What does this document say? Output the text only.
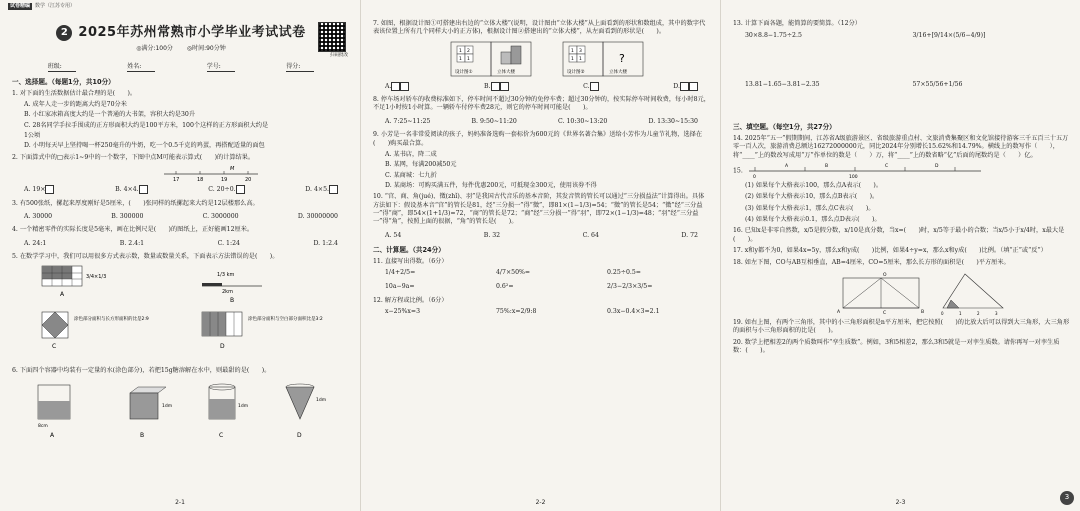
试卷精编 数学（江苏专用）
2 2025年苏州常熟市小学毕业考试试卷
扫码批改
◎满分:100分　　 ◎时间:90分钟
班级:	姓名:	学号:	得分:
一、选择题。（每题1分，共10分）
1. 对下面的生活数据估计最合理的是(　　)。
A. 成年人走一步的距离大约是70分米
B. 小红家冰箱高度大约是一个普通的大书架，容积大约是30升
C. 28名同学手拉手围成的正方形面积大约是100平方米，100个这样的正方形面积大约是
1公顷
D. 小明每天早上坚持喝一杯250毫升的牛奶，吃一个0.5千克的鸡蛋，再搭配适量的面包
2. 下面算式中的□表示1~9中的一个数字，下图中点M可能表示算式(　　)的计算结果。
17	18	19	20
M
A. 19×	B. 4×4.	C. 20÷0.	D. 4×5.
3. 有500张纸，摞起来厚度刚好是5厘米，(　　)张同样的纸摞起来大约是12层楼那么高。
A. 30000	B. 300000	C. 3000000	D. 30000000
4. 一个精密零件的实际长度是5毫米，画在比例尺是(　　)的图纸上，正好能画12厘米。
A. 24:1	B. 2.4:1	C. 1:24	D. 1:2.4
5. 在数学学习中，我们可以用很多方式表示数，数量或数量关系，下面表示方法错误的是(　　)。
3/4×1/3
A
1/3 km
2km
B
涂色部分面积与长方形面积的比是2:9
C
涂色部分面积与空白部分面积比是3:2
D
6. 下面四个容器中均装有一定量的水(涂色部分)，若把15g糖溶解在水中，则最甜的是(　　)。
8cm
A
1dm
B
1dm
C
1dm
D
2-1
7. 如图，根据设计图①可搭建出右边的“立体大楼”(说明，设计图由“立体大楼”从上面看到的形状和数组成，其中的数字代表该位置上所有几个同样大小的正方体)，根据设计图②搭建出的“立体大楼”，从左面看到的形状是(　　)。
1 2
1 1
设计图①	立体大楼
1 3
1 1
设计图②
?
立体大楼
A.	B.	C.	D.
8. 停车场对轿车的收费标准如下，停车时间不超过30分钟的免停车费；超过30分钟的，按实际停车时间收费，每小时8元，不足1小时按1小时算。一辆轿车付停车费28元，则它的停车时间可能是(　　)。
A. 7:25~11:25	B. 9:50~11:20	C. 10:30~13:20	D. 13:30~15:30
9. 小芳是一名非常爱阅读的孩子，妈妈准备选购一套标价为600元的《世界名著合集》送给小芳作为儿童节礼物，选择在(　　)购买最合算。
A. 某书店，降二成
B. 某网，每满200减50元
C. 某商城：七九折
D. 某商场：可购买满五件，每件优惠200元，可抵现金300元，使用该券不得
10. “宫、商、角(jué)、徵(zhǐ)、羽”是我国古代音乐的基本音阶，其发音管的管长可以通过“三分损益法”计算得出。具体方法如下：假设基本音“宫”的管长是81，经“三分损一”得“徵”，即81×(1−1/3)=54；“徵”的管长是54；“徵”经“三分益一”得“商”，即54×(1+1/3)=72，“商”的管长是72；“商”经“三分损一”得“羽”，即72×(1−1/3)=48；“羽”经“三分益一”得“角”，按照上面的很据，“角”的管长是(　　)。
A. 54	B. 32	C. 64	D. 72
二、计算题。（共24分）
11. 直接写出得数。（6分）
1/4+2/5=	4/7×50%=	0.25÷0.5=
10a−9a=	0.6²=	2/3−2/3×3/5=
12. 解方程或比例。（6分）
x−25%x=3	75%:x=2/9:8	0.3x−0.4×3=2.1
2-2
13. 计算下面各题，能简算的要简算。（12分）
30×8.8−1.75÷2.5	3/16+[9/14×(5/6−4/9)]
13.81−1.65−3.81−2.35	57×55/56+1/56
三、填空题。（每空1分，共27分）
14. 2025年“五一”假期期间，江苏省A级旅游景区、省级旅游重点村、文旅消费集聚区和文化馆接待游客三千五百三十五万零一百人次，旅游消费总额达16272000000元，同比2024年分别增长15.62%和14.79%。横线上的数写作（　　），将“____”上的数改写成用“万”作单位的数是（　　）万，将“____”上的数省略“亿”后面的尾数约是（　　）亿。
15.
0	100
A	B	C	D
(1) 如果每个大格表示100，那么点A表示(　　)。
(2) 如果每个大格表示10，那么点B表示(　　)。
(3) 如果每个大格表示1，那么点C表示(　　)。
(4) 如果每个大格表示0.1，那么点D表示(　　)。
16. 已知x是非零自然数，x/5是假分数，x/10是真分数，当x=(　　)时，x/5等于最小的合数；当x/5小于x/4时，x最大是(　　)。
17. x和y都不为0，如果4x=5y，那么x和y成(　　)比例，如果4÷y=x，那么x和y成(　　)比例。（填“正”或“反”）
18. 如左下图，CO与AB互相垂直，AB=4厘米，CO=5厘米，那么长方形的面积是(　　)平方厘米。
A
O
B
C	0	1	2	3
19. 如右上图，有两个三角形，其中的小三角形面积是n平方厘米，把它按照(　　)的比放大后可以得到大三角形，大三角形的面积与小三角形面积的比是(　　)。
20. 数学上把相差2的两个质数叫作“孪生质数”。例如，3和5相差2，那么3和5就是一对孪生质数。请你再写一对孪生质数：(　　)。
2-3
3
